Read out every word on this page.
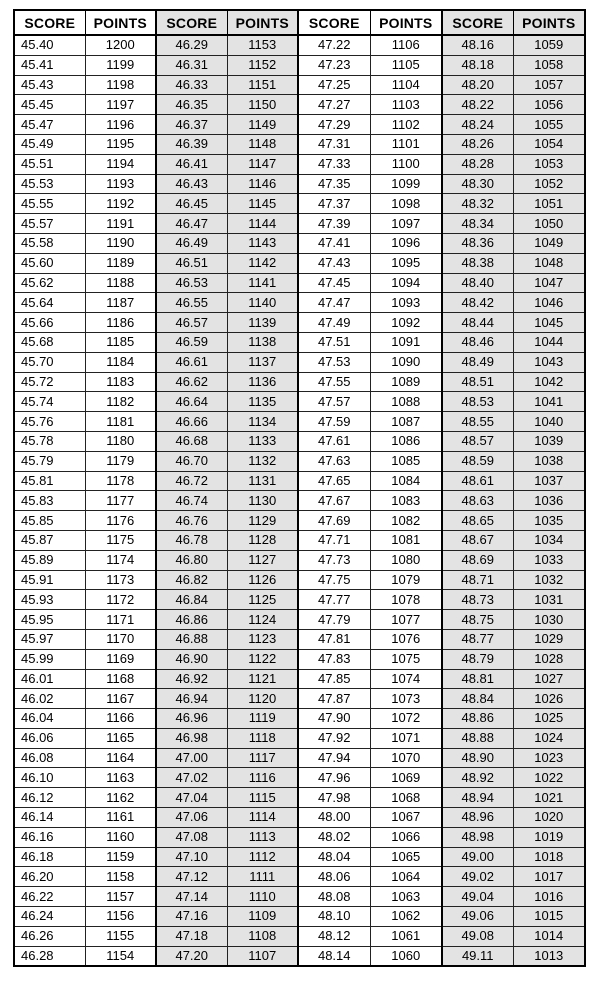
SCORE	POINTS	SCORE	POINTS	SCORE	POINTS	SCORE	POINTS
45.40	1200	46.29	1153	47.22	1106	48.16	1059
45.41	1199	46.31	1152	47.23	1105	48.18	1058
45.43	1198	46.33	1151	47.25	1104	48.20	1057
45.45	1197	46.35	1150	47.27	1103	48.22	1056
45.47	1196	46.37	1149	47.29	1102	48.24	1055
45.49	1195	46.39	1148	47.31	1101	48.26	1054
45.51	1194	46.41	1147	47.33	1100	48.28	1053
45.53	1193	46.43	1146	47.35	1099	48.30	1052
45.55	1192	46.45	1145	47.37	1098	48.32	1051
45.57	1191	46.47	1144	47.39	1097	48.34	1050
45.58	1190	46.49	1143	47.41	1096	48.36	1049
45.60	1189	46.51	1142	47.43	1095	48.38	1048
45.62	1188	46.53	1141	47.45	1094	48.40	1047
45.64	1187	46.55	1140	47.47	1093	48.42	1046
45.66	1186	46.57	1139	47.49	1092	48.44	1045
45.68	1185	46.59	1138	47.51	1091	48.46	1044
45.70	1184	46.61	1137	47.53	1090	48.49	1043
45.72	1183	46.62	1136	47.55	1089	48.51	1042
45.74	1182	46.64	1135	47.57	1088	48.53	1041
45.76	1181	46.66	1134	47.59	1087	48.55	1040
45.78	1180	46.68	1133	47.61	1086	48.57	1039
45.79	1179	46.70	1132	47.63	1085	48.59	1038
45.81	1178	46.72	1131	47.65	1084	48.61	1037
45.83	1177	46.74	1130	47.67	1083	48.63	1036
45.85	1176	46.76	1129	47.69	1082	48.65	1035
45.87	1175	46.78	1128	47.71	1081	48.67	1034
45.89	1174	46.80	1127	47.73	1080	48.69	1033
45.91	1173	46.82	1126	47.75	1079	48.71	1032
45.93	1172	46.84	1125	47.77	1078	48.73	1031
45.95	1171	46.86	1124	47.79	1077	48.75	1030
45.97	1170	46.88	1123	47.81	1076	48.77	1029
45.99	1169	46.90	1122	47.83	1075	48.79	1028
46.01	1168	46.92	1121	47.85	1074	48.81	1027
46.02	1167	46.94	1120	47.87	1073	48.84	1026
46.04	1166	46.96	1119	47.90	1072	48.86	1025
46.06	1165	46.98	1118	47.92	1071	48.88	1024
46.08	1164	47.00	1117	47.94	1070	48.90	1023
46.10	1163	47.02	1116	47.96	1069	48.92	1022
46.12	1162	47.04	1115	47.98	1068	48.94	1021
46.14	1161	47.06	1114	48.00	1067	48.96	1020
46.16	1160	47.08	1113	48.02	1066	48.98	1019
46.18	1159	47.10	1112	48.04	1065	49.00	1018
46.20	1158	47.12	1111	48.06	1064	49.02	1017
46.22	1157	47.14	1110	48.08	1063	49.04	1016
46.24	1156	47.16	1109	48.10	1062	49.06	1015
46.26	1155	47.18	1108	48.12	1061	49.08	1014
46.28	1154	47.20	1107	48.14	1060	49.11	1013
